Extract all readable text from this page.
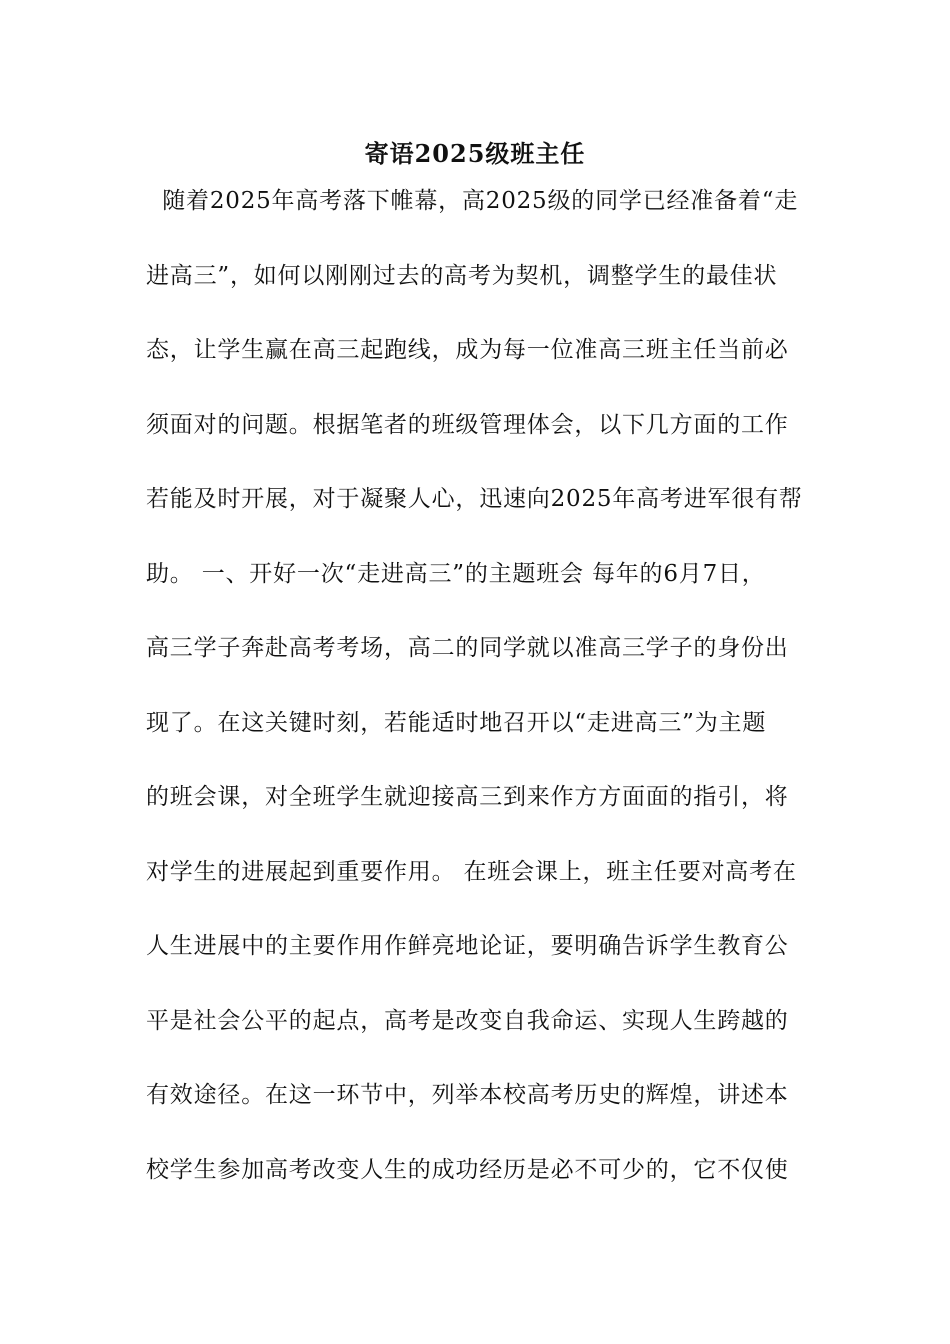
寄语2025级班主任
随着2025年高考落下帷幕，高2025级的同学已经准备着“走
进高三”，如何以刚刚过去的高考为契机，调整学生的最佳状
态，让学生赢在高三起跑线，成为每一位准高三班主任当前必
须面对的问题。根据笔者的班级管理体会，以下几方面的工作
若能及时开展，对于凝聚人心，迅速向2025年高考进军很有帮
助。 一、开好一次“走进高三”的主题班会 每年的6月7日，
高三学子奔赴高考考场，高二的同学就以准高三学子的身份出
现了。在这关键时刻，若能适时地召开以“走进高三”为主题
的班会课，对全班学生就迎接高三到来作方方面面的指引，将
对学生的进展起到重要作用。 在班会课上，班主任要对高考在
人生进展中的主要作用作鲜亮地论证，要明确告诉学生教育公
平是社会公平的起点，高考是改变自我命运、实现人生跨越的
有效途径。在这一环节中，列举本校高考历史的辉煌，讲述本
校学生参加高考改变人生的成功经历是必不可少的，它不仅使
